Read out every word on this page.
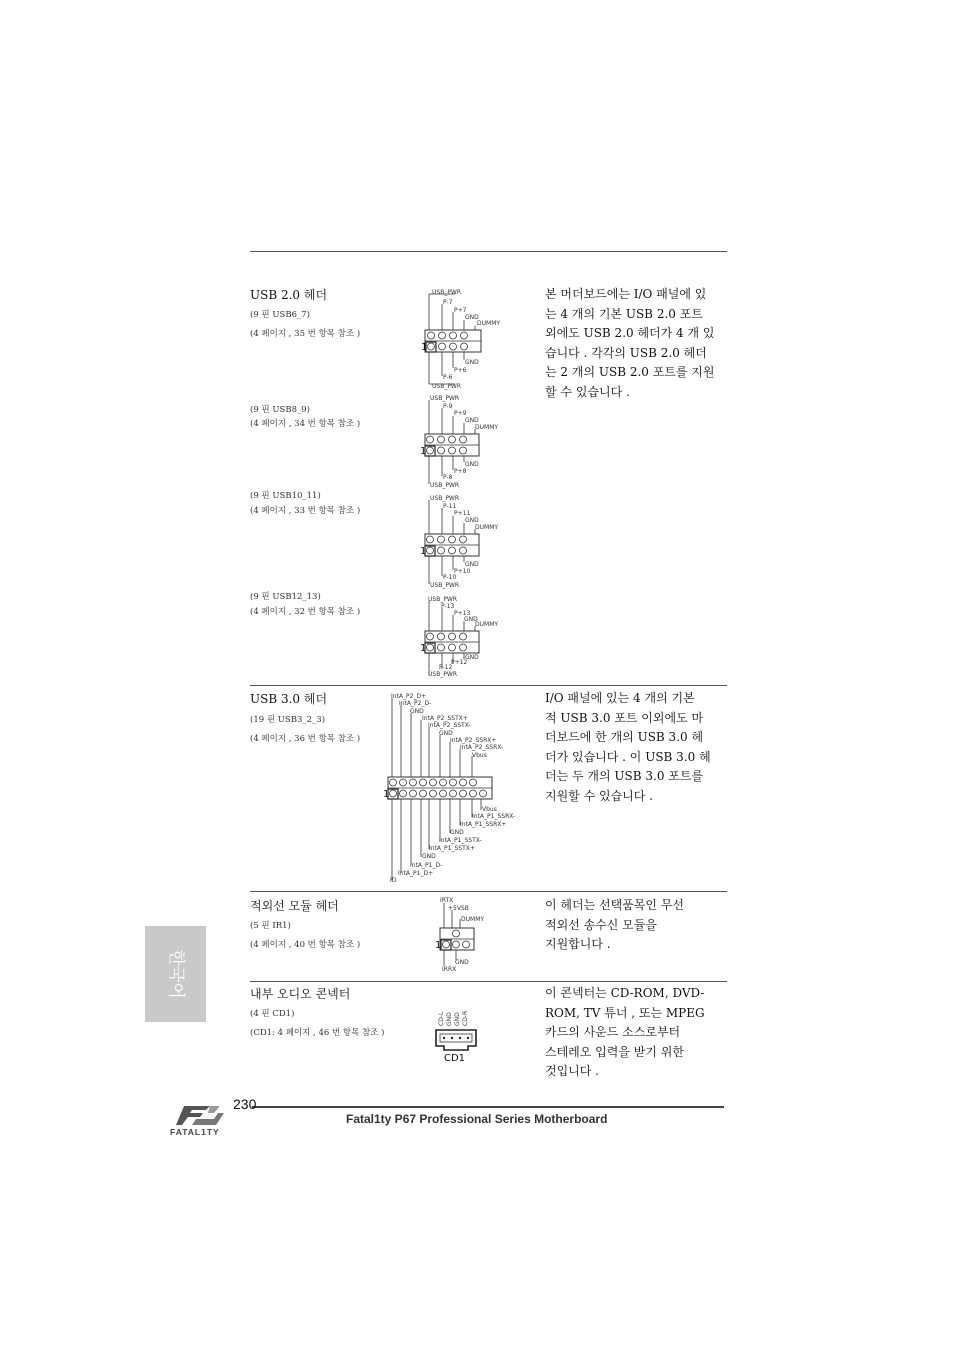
USB 2.0 헤더
(9 핀 USB6_7)
(4 페이지 , 35 번 항목 참조 )
(9 핀 USB8_9)
(4 페이지 , 34 번 항목 참조 )
(9 핀 USB10_11)
(4 페이지 , 33 번 항목 참조 )
(9 핀 USB12_13)
(4 페이지 , 32 번 항목 참조 )
본 머더보드에는 I/O 패널에 있
는 4 개의 기본 USB 2.0 포트
외에도 USB 2.0 헤더가 4 개 있
습니다 . 각각의 USB 2.0 헤더
는 2 개의 USB 2.0 포트를 지원
할 수 있습니다 .
1
USB_PWR
P-7
P+7
GND
DUMMY
GND
P+6
P-6
USB_PWR
1
USB_PWR
P-9
P+9
GND
DUMMY
GND
P+8
P-8
USB_PWR
1
USB_PWR
P-11
P+11
GND
DUMMY
GND
P+10
P-10
USB_PWR
1
USB_PWR
P-13
P+13
GND
DUMMY
GND
P+12
P-12
USB_PWR
USB 3.0 헤더
(19 핀 USB3_2_3)
(4 페이지 , 36 번 항목 참조 )
I/O 패널에 있는 4 개의 기본
적 USB 3.0 포트 이외에도 마
더보드에 한 개의 USB 3.0 헤
더가 있습니다 . 이 USB 3.0 헤
더는 두 개의 USB 3.0 포트를
지원할 수 있습니다 .
1
IntA_P2_D+
IntA_P2_D-
GND
IntA_P2_SSTX+
IntA_P2_SSTX-
GND
IntA_P2_SSRX+
IntA_P2_SSRX-
Vbus
Vbus
IntA_P1_SSRX-
IntA_P1_SSRX+
GND
IntA_P1_SSTX-
IntA_P1_SSTX+
GND
IntA_P1_D-
IntA_P1_D+
ID
적외선 모듈 헤더
(5 핀 IR1)
(4 페이지 , 40 번 항목 참조 )
이 헤더는 선택품목인 무선
적외선 송수신 모듈을
지원합니다 .
1
IRTX
+5VSB
DUMMY
GND
IRRX
내부 오디오 콘넥터
(4 핀 CD1)
(CD1: 4 페이지 , 46 번 항목 참조 )
이 콘넥터는 CD-ROM, DVD-
ROM, TV 튜너 , 또는 MPEG
카드의 사운드 소스로부터
스테레오 입력을 받기 위한
것입니다 .
CD-L GND GND CD-R
CD1
한국어
230
Fatal1ty P67 Professional Series Motherboard
FATAL1TY
